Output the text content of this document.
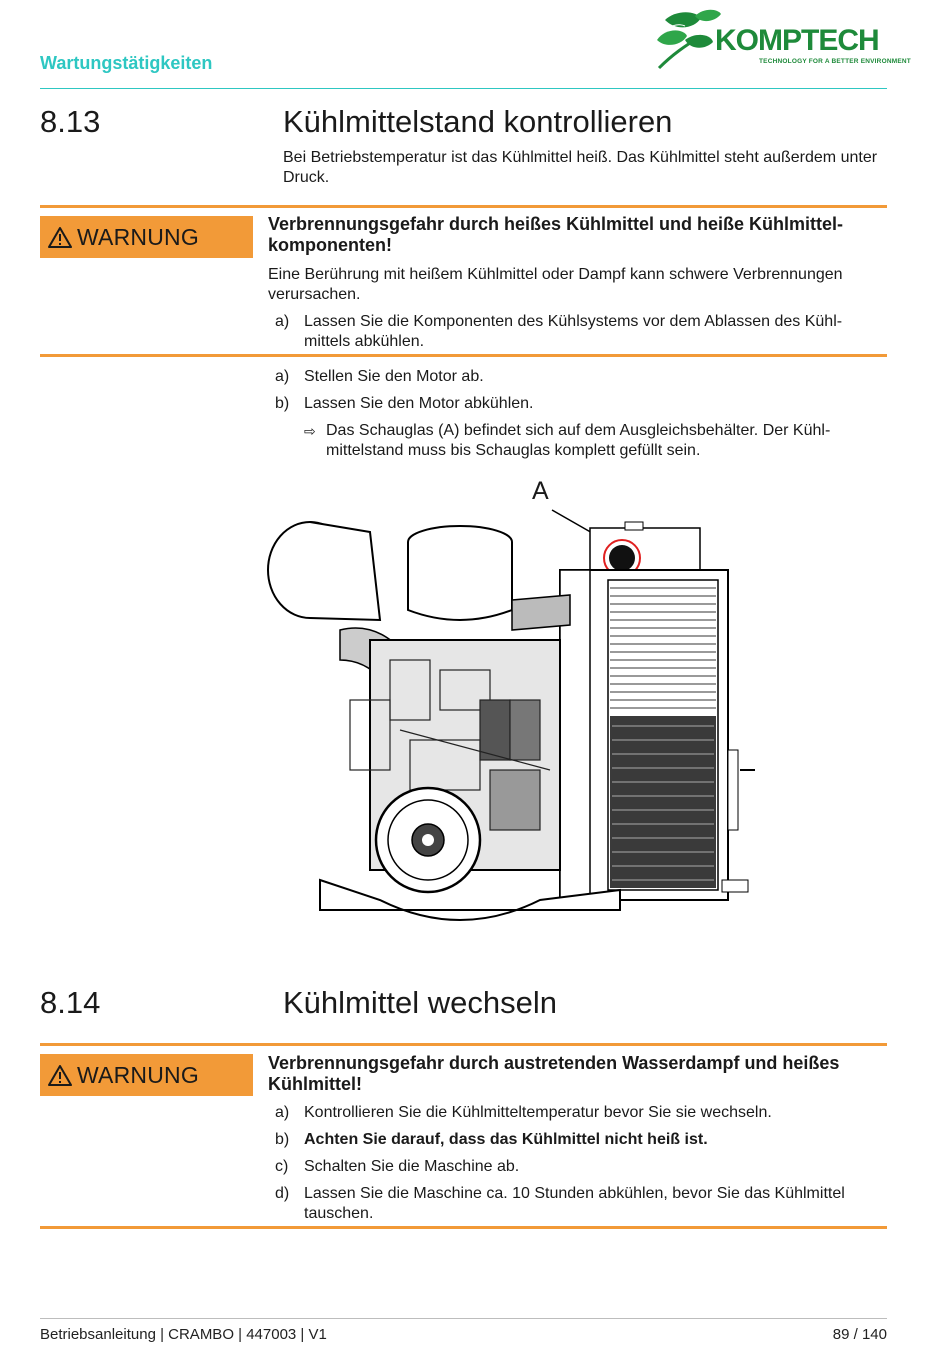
Wartungstätigkeiten
KOMPTECH
TECHNOLOGY FOR A BETTER ENVIRONMENT
8.13	Kühlmittelstand kontrollieren
Bei Betriebstemperatur ist das Kühlmittel heiß. Das Kühlmittel steht außerdem unter Druck.
WARNUNG	Verbrennungsgefahr durch heißes Kühlmittel und heiße Kühlmittel-
komponenten!
Eine Berührung mit heißem Kühlmittel oder Dampf kann schwere Verbrennungen
verursachen.
a) Lassen Sie die Komponenten des Kühlsystems vor dem Ablassen des Kühl-
mittels abkühlen.
a) Stellen Sie den Motor ab.
b) Lassen Sie den Motor abkühlen.
⇨ Das Schauglas (A) befindet sich auf dem Ausgleichsbehälter. Der Kühl-
mittelstand muss bis Schauglas komplett gefüllt sein.
A
8.14	Kühlmittel wechseln
WARNUNG	Verbrennungsgefahr durch austretenden Wasserdampf und heißes
Kühlmittel!
a) Kontrollieren Sie die Kühlmitteltemperatur bevor Sie sie wechseln.
b) Achten Sie darauf, dass das Kühlmittel nicht heiß ist.
c) Schalten Sie die Maschine ab.
d) Lassen Sie die Maschine ca. 10 Stunden abkühlen, bevor Sie das Kühlmittel
tauschen.
Betriebsanleitung | CRAMBO | 447003 | V1	89 / 140
